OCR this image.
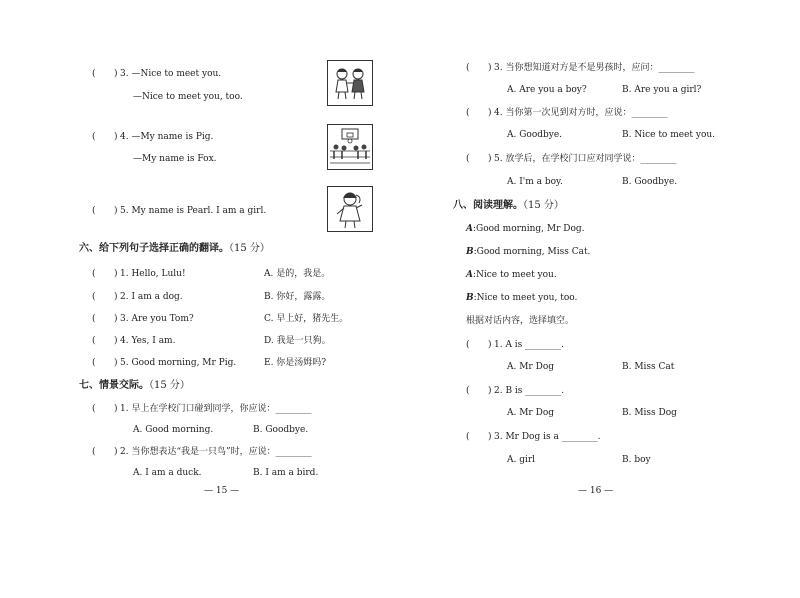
( ) 3. —Nice to meet you.
—Nice to meet you, too.
( ) 4. —My name is Pig.
—My name is Fox.
( ) 5. My name is Pearl. I am a girl.
六、给下列句子选择正确的翻译。（15 分）
( ) 1. Hello, Lulu!	A. 是的，我是。
( ) 2. I am a dog.	B. 你好，露露。
( ) 3. Are you Tom?	C. 早上好，猪先生。
( ) 4. Yes, I am.	D. 我是一只狗。
( ) 5. Good morning, Mr Pig.	E. 你是汤姆吗?
七、情景交际。（15 分）
( ) 1. 早上在学校门口碰到同学，你应说：________
A. Good morning.	B. Goodbye.
( ) 2. 当你想表达“我是一只鸟”时，应说：________
A. I am a duck.	B. I am a bird.
— 15 —
( ) 3. 当你想知道对方是不是男孩时，应问：________
A. Are you a boy?	B. Are you a girl?
( ) 4. 当你第一次见到对方时，应说：________
A. Goodbye.	B. Nice to meet you.
( ) 5. 放学后，在学校门口应对同学说：________
A. I'm a boy.	B. Goodbye.
八、阅读理解。（15 分）
A:Good morning, Mr Dog.
B:Good morning, Miss Cat.
A:Nice to meet you.
B:Nice to meet you, too.
根据对话内容，选择填空。
( ) 1. A is ________.
A. Mr Dog	B. Miss Cat
( ) 2. B is ________.
A. Mr Dog	B. Miss Dog
( ) 3. Mr Dog is a ________.
A. girl	B. boy
— 16 —
